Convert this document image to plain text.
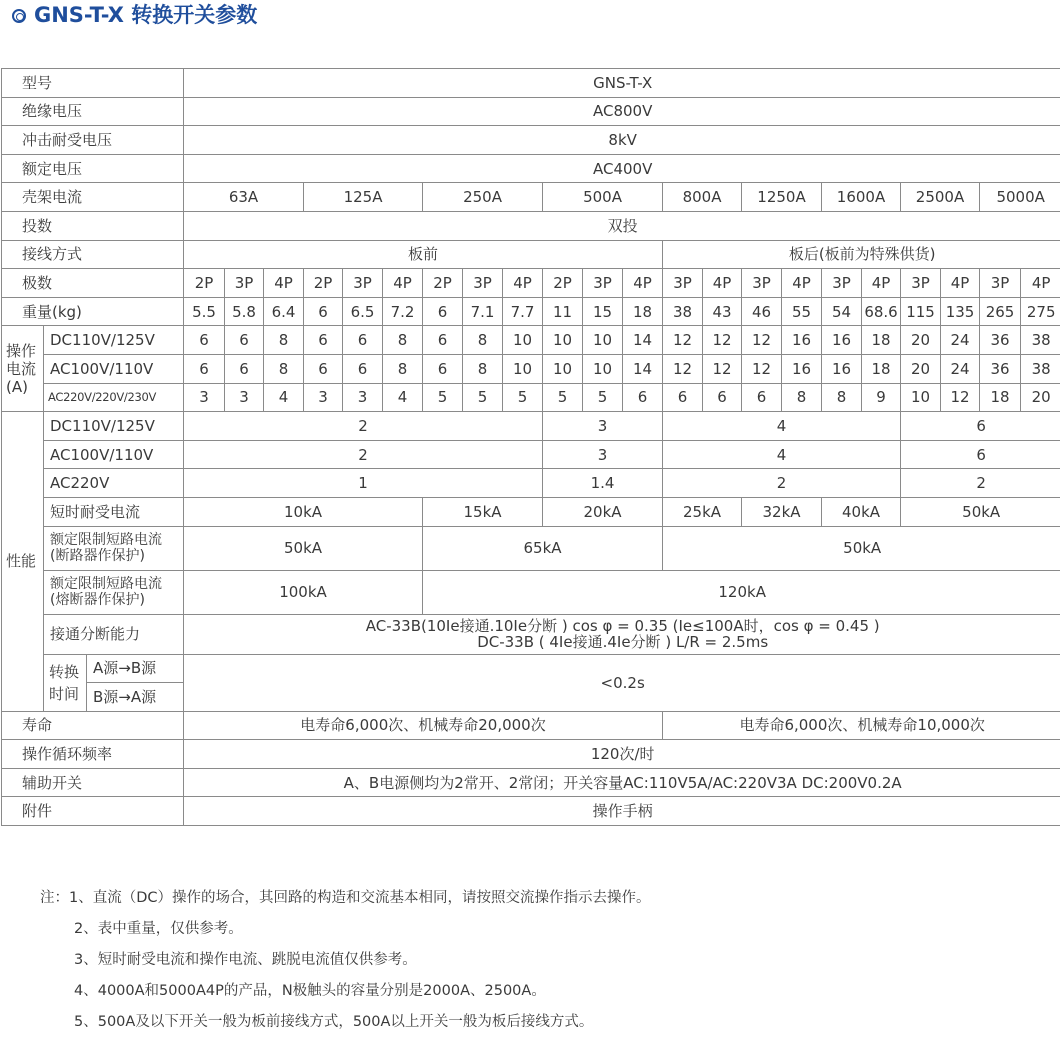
GNS-T-X 转换开关参数
型号			GNS-T-X																					
绝缘电压			AC800V																					
冲击耐受电压			8kV																					
额定电压			AC400V																					
壳架电流			63A			125A			250A			500A			800A		1250A		1600A		2500A		5000A	
投数			双投																					
接线方式			板前												板后(板前为特殊供货)									
极数			2P	3P	4P	2P	3P	4P	2P	3P	4P	2P	3P	4P	3P	4P	3P	4P	3P	4P	3P	4P	3P	4P
重量(kg)			5.5	5.8	6.4	6	6.5	7.2	6	7.1	7.7	11	15	18	38	43	46	55	54	68.6	115	135	265	275
操作
电流
(A)	DC110V/125V		6	6	8	6	6	8	6	8	10	10	10	14	12	12	12	16	16	18	20	24	36	38
	AC100V/110V		6	6	8	6	6	8	6	8	10	10	10	14	12	12	12	16	16	18	20	24	36	38
	AC220V/220V/230V		3	3	4	3	3	4	5	5	5	5	5	6	6	6	6	8	8	9	10	12	18	20
性能	DC110V/125V		2									3			4						6			
	AC100V/110V		2									3			4						6			
	AC220V		1									1.4			2						2			
	短时耐受电流		10kA						15kA			20kA			25kA		32kA		40kA		50kA			
	额定限制短路电流
(断路器作保护)		50kA						65kA						50kA									
	额定限制短路电流
(熔断器作保护)		100kA						120kA															
	接通分断能力		AC-33B(10Ie接通.10Ie分断 ) cos φ = 0.35 (Ie≤100A时，cos φ = 0.45 )
DC-33B ( 4Ie接通.4Ie分断 ) L/R = 2.5ms																					
	转换
时间	A源→B源	<0.2s																					
		B源→A源																						
寿命			电寿命6,000次、机械寿命20,000次												电寿命6,000次、机械寿命10,000次									
操作循环频率			120次/时																					
辅助开关			A、B电源侧均为2常开、2常闭；开关容量AC:110V5A/AC:220V3A DC:200V0.2A																					
附件			操作手柄																					
注：1、直流（DC）操作的场合，其回路的构造和交流基本相同，请按照交流操作指示去操作。
2、表中重量，仅供参考。
3、短时耐受电流和操作电流、跳脱电流值仅供参考。
4、4000A和5000A4P的产品，N极触头的容量分别是2000A、2500A。
5、500A及以下开关一般为板前接线方式，500A以上开关一般为板后接线方式。
